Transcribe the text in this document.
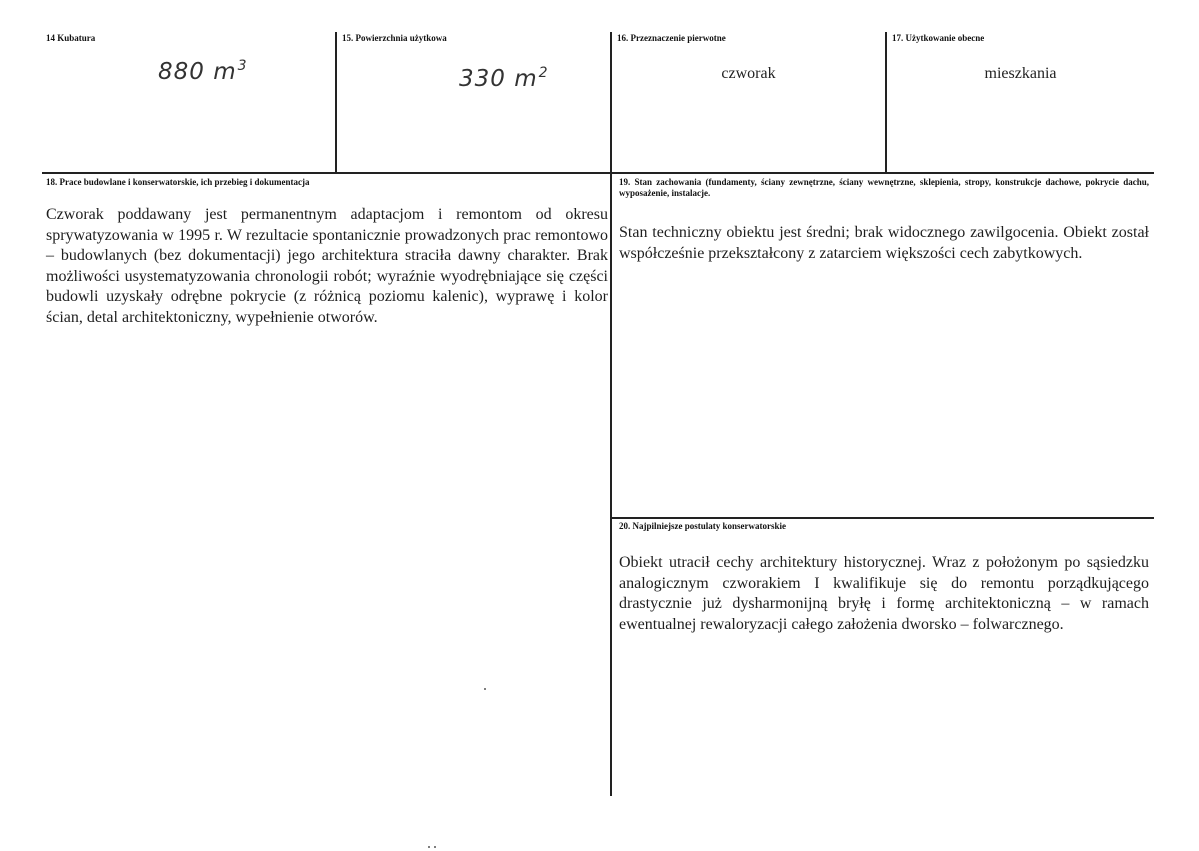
14 Kubatura
880 $m^3$
15. Powierzchnia użytkowa
330 $m^2$
16. Przeznaczenie pierwotne
czworak
17. Użytkowanie obecne
mieszkania
18. Prace budowlane i konserwatorskie, ich przebieg i dokumentacja
Czworak poddawany jest permanentnym adaptacjom i remontom od okresu sprywatyzowania w 1995 r. W rezultacie spontanicznie prowadzonych prac remontowo – budowlanych (bez dokumentacji) jego architektura straciła dawny charakter. Brak możliwości usystematyzowania chronologii robót; wyraźnie wyodrębniające się części budowli uzyskały odrębne pokrycie (z różnicą poziomu kalenic), wyprawę i kolor ścian, detal architektoniczny, wypełnienie otworów.
19. Stan zachowania (fundamenty, ściany zewnętrzne, ściany wewnętrzne, sklepienia, stropy, konstrukcje dachowe, pokrycie dachu, wyposażenie, instalacje.
Stan techniczny obiektu jest średni; brak widocznego zawilgocenia. Obiekt został współcześnie przekształcony z zatarciem większości cech zabytkowych.
20. Najpilniejsze postulaty konserwatorskie
Obiekt utracił cechy architektury historycznej. Wraz z położonym po sąsiedzku analogicznym czworakiem I kwalifikuje się do remontu porządkującego drastycznie już dysharmonijną bryłę i formę architektoniczną – w ramach ewentualnej rewaloryzacji całego założenia dworsko – folwarcznego.
